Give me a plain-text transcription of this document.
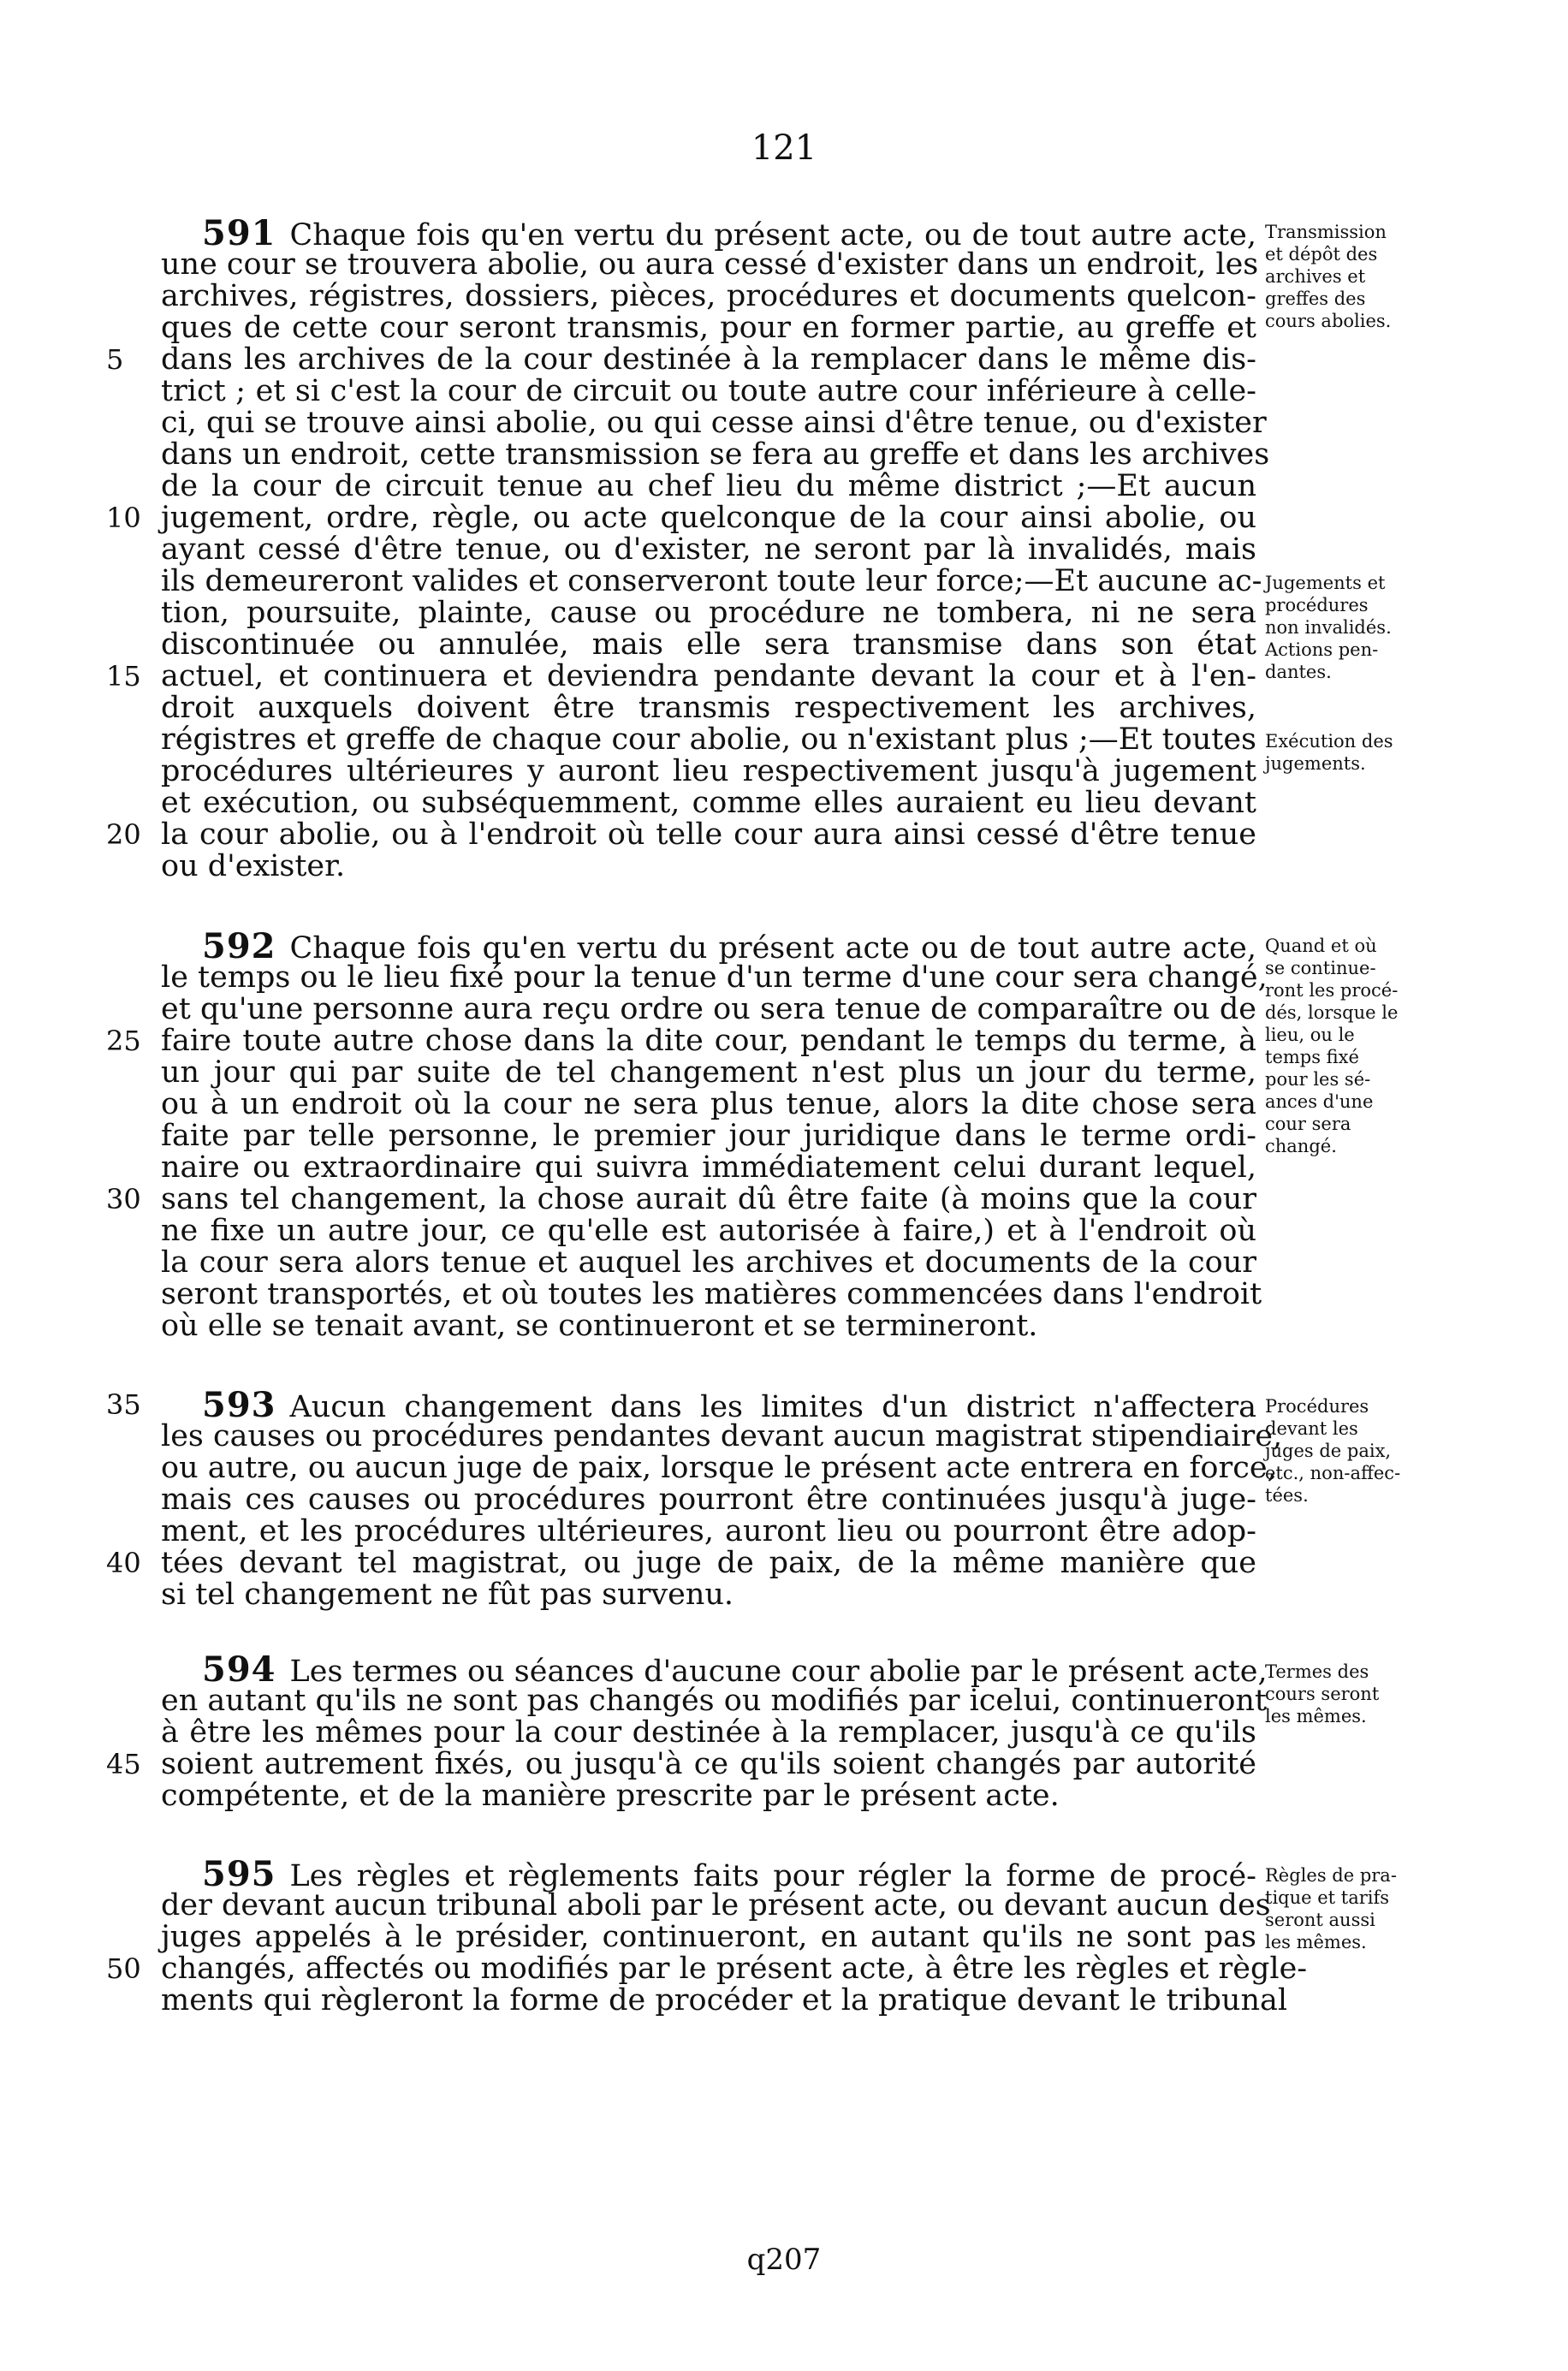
121
591 Chaque fois qu'en vertu du présent acte, ou de tout autre acte,
une cour se trouvera abolie, ou aura cessé d'exister dans un endroit, les
archives, régistres, dossiers, pièces, procédures et documents quelcon-
ques de cette cour seront transmis, pour en former partie, au greffe et
dans les archives de la cour destinée à la remplacer dans le même dis-
trict ; et si c'est la cour de circuit ou toute autre cour inférieure à celle-
ci, qui se trouve ainsi abolie, ou qui cesse ainsi d'être tenue, ou d'exister
dans un endroit, cette transmission se fera au greffe et dans les archives
de la cour de circuit tenue au chef lieu du même district ;—Et aucun
jugement, ordre, règle, ou acte quelconque de la cour ainsi abolie, ou
ayant cessé d'être tenue, ou d'exister, ne seront par là invalidés, mais
ils demeureront valides et conserveront toute leur force;—Et aucune ac-
tion, poursuite, plainte, cause ou procédure ne tombera, ni ne sera
discontinuée ou annulée, mais elle sera transmise dans son état
actuel, et continuera et deviendra pendante devant la cour et à l'en-
droit auxquels doivent être transmis respectivement les archives,
régistres et greffe de chaque cour abolie, ou n'existant plus ;—Et toutes
procédures ultérieures y auront lieu respectivement jusqu'à jugement
et exécution, ou subséquemment, comme elles auraient eu lieu devant
la cour abolie, ou à l'endroit où telle cour aura ainsi cessé d'être tenue
ou d'exister.
Transmission
et dépôt des
archives et
greffes des
cours abolies.
Jugements et
procédures
non invalidés.
Actions pen-
dantes.
Exécution des
jugements.
592 Chaque fois qu'en vertu du présent acte ou de tout autre acte,
le temps ou le lieu fixé pour la tenue d'un terme d'une cour sera changé,
et qu'une personne aura reçu ordre ou sera tenue de comparaître ou de
faire toute autre chose dans la dite cour, pendant le temps du terme, à
un jour qui par suite de tel changement n'est plus un jour du terme,
ou à un endroit où la cour ne sera plus tenue, alors la dite chose sera
faite par telle personne, le premier jour juridique dans le terme ordi-
naire ou extraordinaire qui suivra immédiatement celui durant lequel,
sans tel changement, la chose aurait dû être faite (à moins que la cour
ne fixe un autre jour, ce qu'elle est autorisée à faire,) et à l'endroit où
la cour sera alors tenue et auquel les archives et documents de la cour
seront transportés, et où toutes les matières commencées dans l'endroit
où elle se tenait avant, se continueront et se termineront.
Quand et où
se continue-
ront les procé-
dés, lorsque le
lieu, ou le
temps fixé
pour les sé-
ances d'une
cour sera
changé.
593 Aucun changement dans les limites d'un district n'affectera
les causes ou procédures pendantes devant aucun magistrat stipendiaire,
ou autre, ou aucun juge de paix, lorsque le présent acte entrera en force,
mais ces causes ou procédures pourront être continuées jusqu'à juge-
ment, et les procédures ultérieures, auront lieu ou pourront être adop-
tées devant tel magistrat, ou juge de paix, de la même manière que
si tel changement ne fût pas survenu.
Procédures
devant les
juges de paix,
etc., non-affec-
tées.
594 Les termes ou séances d'aucune cour abolie par le présent acte,
en autant qu'ils ne sont pas changés ou modifiés par icelui, continueront
à être les mêmes pour la cour destinée à la remplacer, jusqu'à ce qu'ils
soient autrement fixés, ou jusqu'à ce qu'ils soient changés par autorité
compétente, et de la manière prescrite par le présent acte.
Termes des
cours seront
les mêmes.
595 Les règles et règlements faits pour régler la forme de procé-
der devant aucun tribunal aboli par le présent acte, ou devant aucun des
juges appelés à le présider, continueront, en autant qu'ils ne sont pas
changés, affectés ou modifiés par le présent acte, à être les règles et règle-
ments qui règleront la forme de procéder et la pratique devant le tribunal
Règles de pra-
tique et tarifs
seront aussi
les mêmes.
5
10
15
20
25
30
35
40
45
50
q207
